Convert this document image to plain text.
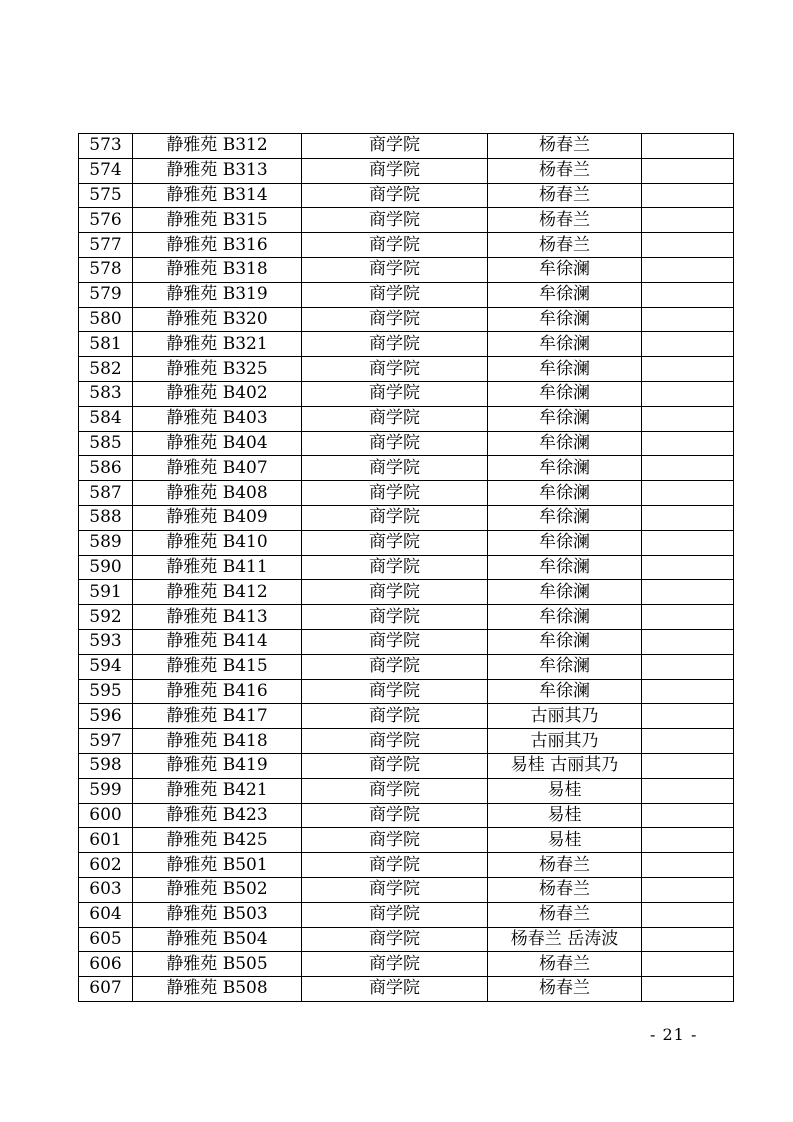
573	静雅苑 B312	商学院	杨春兰	
574	静雅苑 B313	商学院	杨春兰	
575	静雅苑 B314	商学院	杨春兰	
576	静雅苑 B315	商学院	杨春兰	
577	静雅苑 B316	商学院	杨春兰	
578	静雅苑 B318	商学院	牟徐澜	
579	静雅苑 B319	商学院	牟徐澜	
580	静雅苑 B320	商学院	牟徐澜	
581	静雅苑 B321	商学院	牟徐澜	
582	静雅苑 B325	商学院	牟徐澜	
583	静雅苑 B402	商学院	牟徐澜	
584	静雅苑 B403	商学院	牟徐澜	
585	静雅苑 B404	商学院	牟徐澜	
586	静雅苑 B407	商学院	牟徐澜	
587	静雅苑 B408	商学院	牟徐澜	
588	静雅苑 B409	商学院	牟徐澜	
589	静雅苑 B410	商学院	牟徐澜	
590	静雅苑 B411	商学院	牟徐澜	
591	静雅苑 B412	商学院	牟徐澜	
592	静雅苑 B413	商学院	牟徐澜	
593	静雅苑 B414	商学院	牟徐澜	
594	静雅苑 B415	商学院	牟徐澜	
595	静雅苑 B416	商学院	牟徐澜	
596	静雅苑 B417	商学院	古丽其乃	
597	静雅苑 B418	商学院	古丽其乃	
598	静雅苑 B419	商学院	易桂 古丽其乃	
599	静雅苑 B421	商学院	易桂	
600	静雅苑 B423	商学院	易桂	
601	静雅苑 B425	商学院	易桂	
602	静雅苑 B501	商学院	杨春兰	
603	静雅苑 B502	商学院	杨春兰	
604	静雅苑 B503	商学院	杨春兰	
605	静雅苑 B504	商学院	杨春兰 岳涛波	
606	静雅苑 B505	商学院	杨春兰	
607	静雅苑 B508	商学院	杨春兰	
- 21 -
